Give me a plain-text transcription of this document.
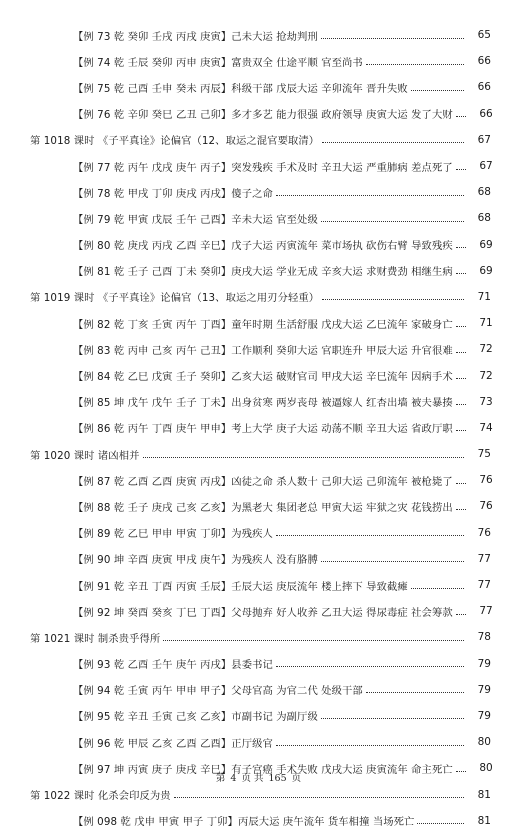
【例 73 乾 癸卯 壬戌 丙戌 庚寅】己未大运 抢劫判刑	65
【例 74 乾 壬辰 癸卯 丙申 庚寅】富贵双全 仕途平顺 官至尚书	66
【例 75 乾 己酉 壬申 癸未 丙辰】科级干部 戊辰大运 辛卯流年 晋升失败	66
【例 76 乾 辛卯 癸巳 乙丑 己卯】多才多艺 能力很强 政府领导 庚寅大运 发了大财	66
第 1018 课时 《子平真诠》论偏官（12、取运之混官要取清）	67
【例 77 乾 丙午 戊戌 庚午 丙子】突发残疾 手术及时 辛丑大运 严重肺病 差点死了	67
【例 78 乾 甲戌 丁卯 庚戌 丙戌】傻子之命	68
【例 79 乾 甲寅 戊辰 壬午 己酉】辛未大运 官至处级	68
【例 80 乾 庚戌 丙戌 乙酉 辛巳】戊子大运 丙寅流年 菜市场执 砍伤右臂 导致残疾	69
【例 81 乾 壬子 己酉 丁未 癸卯】庚戌大运 学业无成 辛亥大运 求财费劲 相继生病	69
第 1019 课时 《子平真诠》论偏官（13、取运之用刃分轻重）	71
【例 82 乾 丁亥 壬寅 丙午 丁酉】童年时期 生活舒服 戊戌大运 乙巳流年 家破身亡	71
【例 83 乾 丙申 己亥 丙午 己丑】工作顺利 癸卯大运 官职连升 甲辰大运 升官很难	72
【例 84 乾 乙巳 戊寅 壬子 癸卯】乙亥大运 破财官司 甲戌大运 辛巳流年 因病手术	72
【例 85 坤 戊午 戊午 壬子 丁未】出身贫寒 两岁丧母 被逼嫁人 红杏出墙 被夫暴揍	73
【例 86 乾 丙午 丁酉 庚午 甲申】考上大学 庚子大运 动荡不顺 辛丑大运 省政厅职	74
第 1020 课时 诸凶相并	75
【例 87 乾 乙酉 乙酉 庚寅 丙戌】凶徒之命 杀人数十 己卯大运 己卯流年 被枪毙了	76
【例 88 乾 壬子 庚戌 己亥 乙亥】为黑老大 集团老总 甲寅大运 牢狱之灾 花钱捞出	76
【例 89 乾 乙巳 甲申 甲寅 丁卯】为残疾人	76
【例 90 坤 辛酉 庚寅 甲戌 庚午】为残疾人 没有胳膊	77
【例 91 乾 辛丑 丁酉 丙寅 壬辰】壬辰大运 庚辰流年 楼上摔下 导致截瘫	77
【例 92 坤 癸酉 癸亥 丁巳 丁酉】父母抛弃 好人收养 乙丑大运 得尿毒症 社会筹款	77
第 1021 课时 制杀贵乎得所	78
【例 93 乾 乙酉 壬午 庚午 丙戌】县委书记	79
【例 94 乾 壬寅 丙午 甲申 甲子】父母官高 为官二代 处级干部	79
【例 95 乾 辛丑 壬寅 己亥 乙亥】市副书记 为副厅级	79
【例 96 乾 甲辰 乙亥 乙酉 乙酉】正厅级官	80
【例 97 坤 丙寅 庚子 庚戌 辛巳】有子宫癌 手术失败 戊戌大运 庚寅流年 命主死亡	80
第 1022 课时 化杀会印反为贵	81
【例 098 乾 戊申 甲寅 甲子 丁卯】丙辰大运 庚午流年 货车相撞 当场死亡	81
第 4 页 共 165 页
